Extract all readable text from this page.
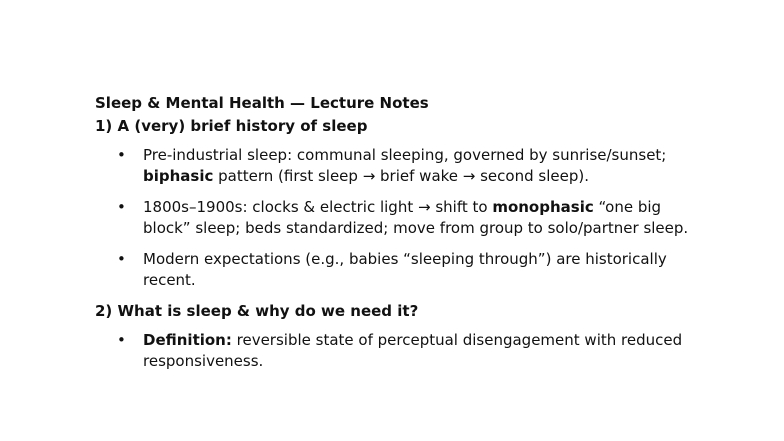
Sleep & Mental Health — Lecture Notes
1) A (very) brief history of sleep
• Pre-industrial sleep: communal sleeping, governed by sunrise/sunset; biphasic pattern (first sleep → brief wake → second sleep).
• 1800s–1900s: clocks & electric light → shift to monophasic “one big block” sleep; beds standardized; move from group to solo/partner sleep.
• Modern expectations (e.g., babies “sleeping through”) are historically recent.
2) What is sleep & why do we need it?
• Definition: reversible state of perceptual disengagement with reduced responsiveness.
